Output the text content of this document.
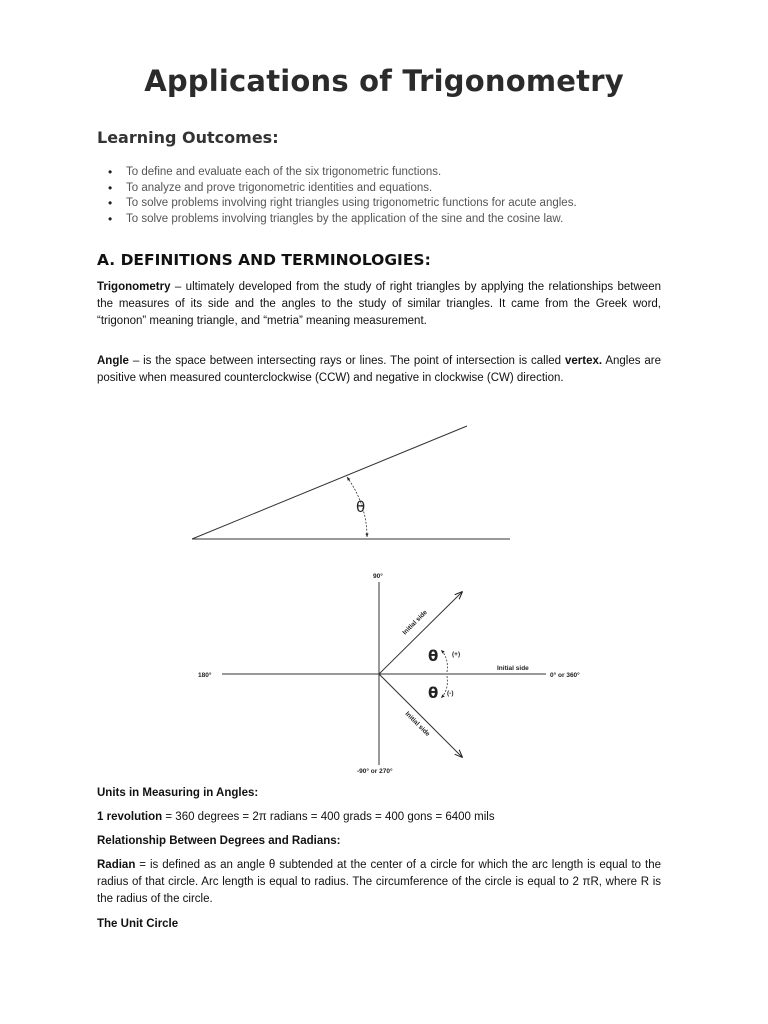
Applications of Trigonometry
Learning Outcomes:
• To define and evaluate each of the six trigonometric functions.
• To analyze and prove trigonometric identities and equations.
• To solve problems involving right triangles using trigonometric functions for acute angles.
• To solve problems involving triangles by the application of the sine and the cosine law.
A. DEFINITIONS AND TERMINOLOGIES:

Trigonometry – ultimately developed from the study of right triangles by applying the relationships between the measures of its side and the angles to the study of similar triangles. It came from the Greek word, “trigonon” meaning triangle, and “metria” meaning measurement.

Angle – is the space between intersecting rays or lines. The point of intersection is called vertex. Angles are positive when measured counterclockwise (CCW) and negative in clockwise (CW) direction.

θ
90°
-90° or 270°
180°	0° or 360°
Initial side
Initial side
Initial side
θ
θ
(+)
(-)

Units in Measuring in Angles:

1 revolution = 360 degrees = 2π radians = 400 grads = 400 gons = 6400 mils

Relationship Between Degrees and Radians:

Radian = is defined as an angle θ subtended at the center of a circle for which the arc length is equal to the radius of that circle. Arc length is equal to radius. The circumference of the circle is equal to 2 πR, where R is the radius of the circle.

The Unit Circle
